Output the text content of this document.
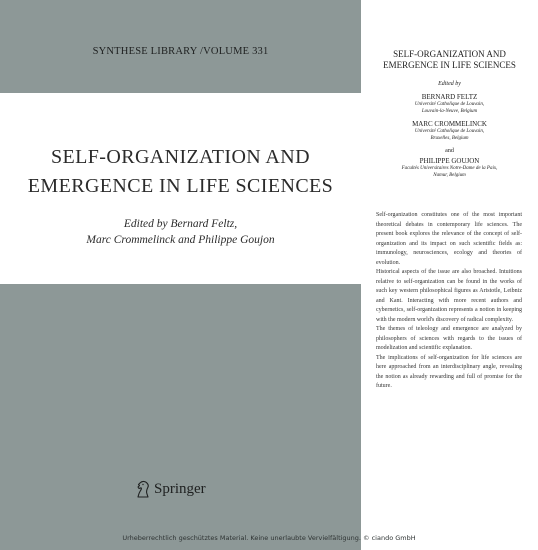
SYNTHESE LIBRARY /VOLUME 331
SELF-ORGANIZATION AND
EMERGENCE IN LIFE SCIENCES
Edited by Bernard Feltz,
Marc Crommelinck and Philippe Goujon
Springer
SELF-ORGANIZATION AND
EMERGENCE IN LIFE SCIENCES
Edited by
BERNARD FELTZ
Université Catholique de Louvain,
Louvain-la-Neuve, Belgium
MARC CROMMELINCK
Université Catholique de Louvain,
Bruxelles, Belgium
and
PHILIPPE GOUJON
Facultés Universitaires Notre-Dame de la Paix,
Namur, Belgium

Self-organization constitutes one of the most important theoretical debates in contemporary life sciences. The present book explores the relevance of the concept of self-organization and its impact on such scientific fields as: immunology, neurosciences, ecology and theories of evolution.

Historical aspects of the issue are also broached. Intuitions relative to self-organization can be found in the works of such key western philosophical figures as Aristotle, Leibniz and Kant. Interacting with more recent authors and cybernetics, self-organization represents a notion in keeping with the modern world's discovery of radical complexity.

The themes of teleology and emergence are analyzed by philosophers of sciences with regards to the issues of modelization and scientific explanation.

The implications of self-organization for life sciences are here approached from an interdisciplinary angle, revealing the notion as already rewarding and full of promise for the future.

Urheberrechtlich geschütztes Material. Keine unerlaubte Vervielfältigung. © ciando GmbH
